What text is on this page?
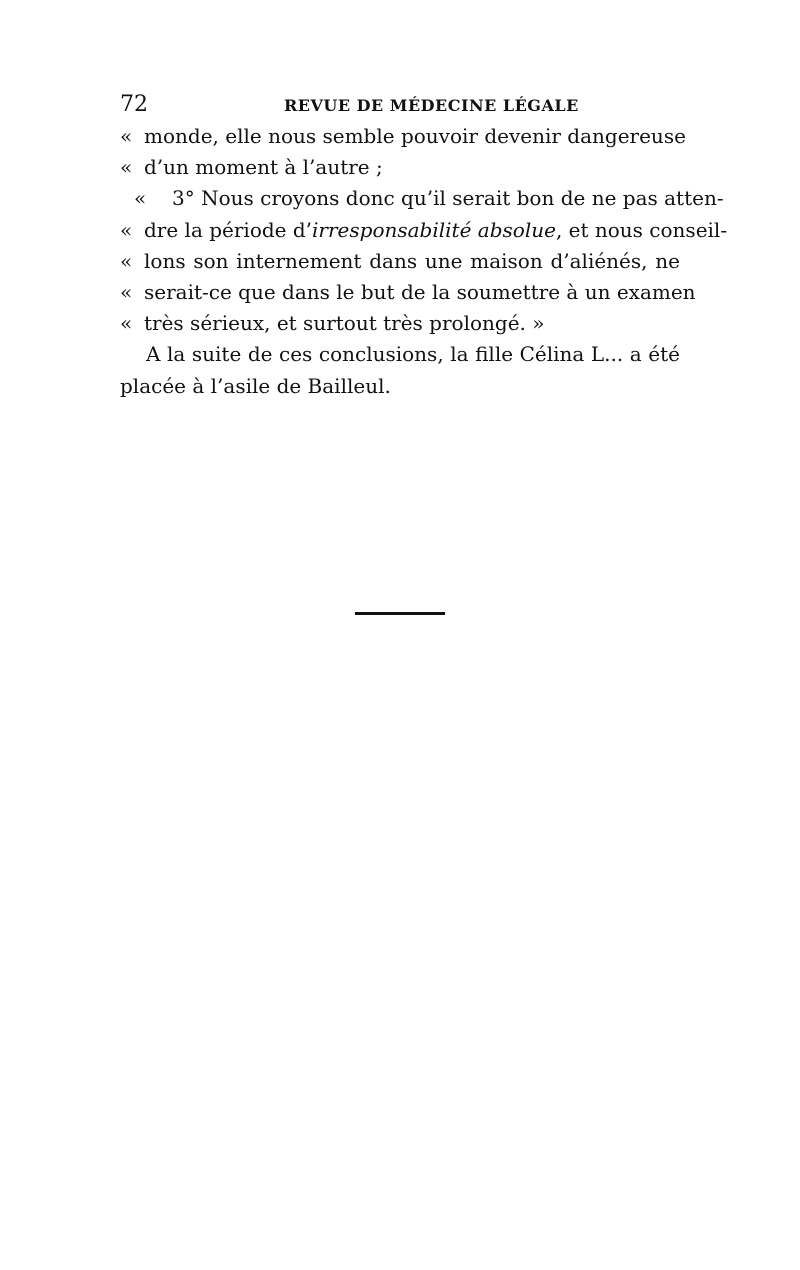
72	REVUE DE MÉDECINE LÉGALE
« monde, elle nous semble pouvoir devenir dangereuse
« d’un moment à l’autre ;
«	3° Nous croyons donc qu’il serait bon de ne pas atten-
« dre la période d’irresponsabilité absolue, et nous conseil-
« lons son internement dans une maison d’aliénés, ne
« serait-ce que dans le but de la soumettre à un examen
« très sérieux, et surtout très prolongé. »
A la suite de ces conclusions, la fille Célina L... a été
placée à l’asile de Bailleul.
